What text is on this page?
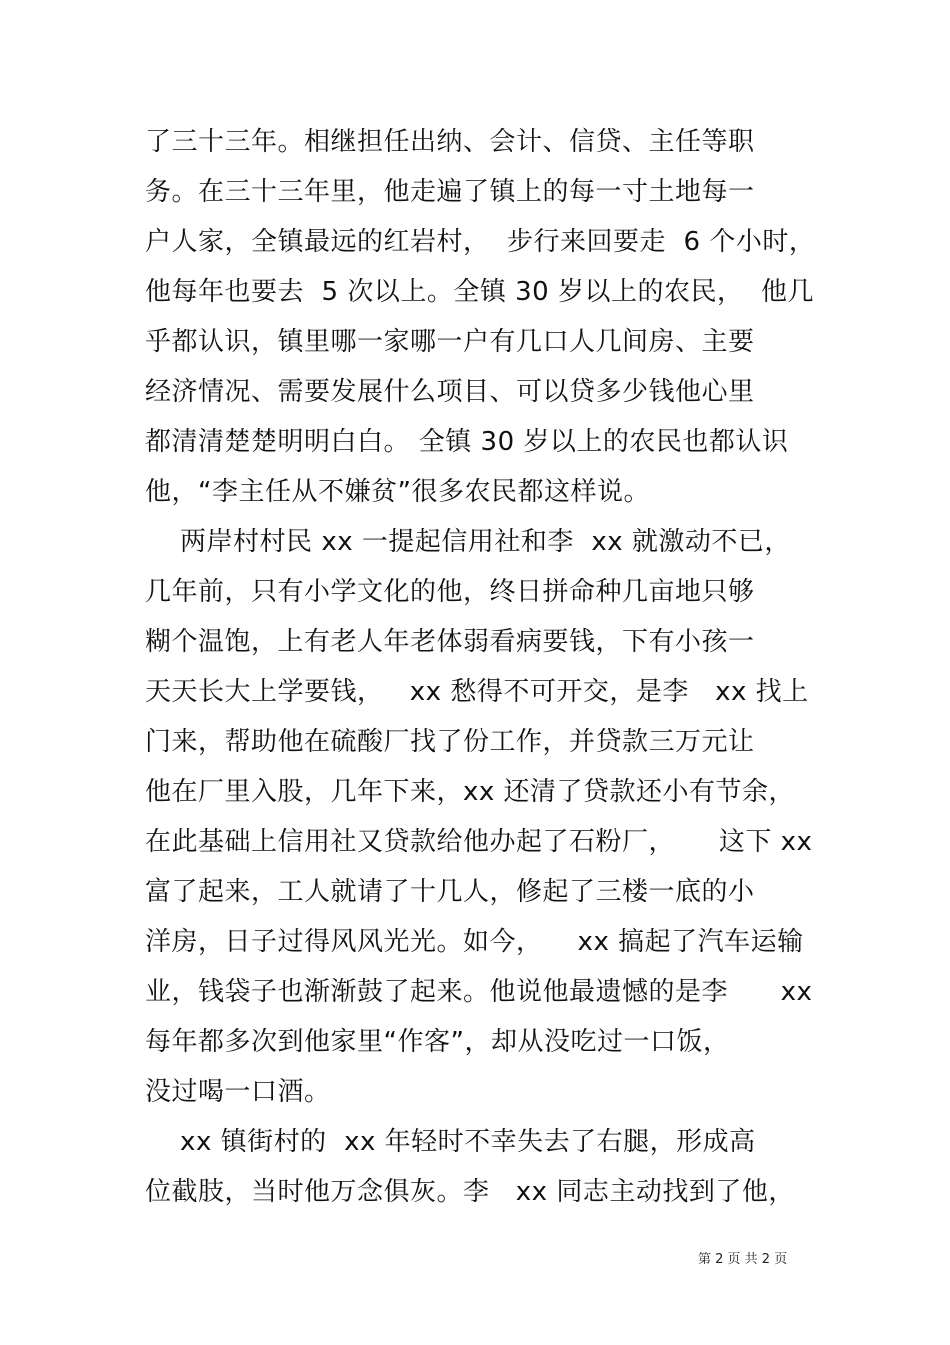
了三十三年。相继担任出纳、会计、信贷、主任等职
务。在三十三年里，他走遍了镇上的每一寸土地每一
户人家，全镇最远的红岩村，  步行来回要走  6 个小时，
他每年也要去  5 次以上。全镇 30 岁以上的农民，  他几
乎都认识，镇里哪一家哪一户有几口人几间房、主要
经济情况、需要发展什么项目、可以贷多少钱他心里
都清清楚楚明明白白。 全镇 30 岁以上的农民也都认识
他，“李主任从不嫌贫”很多农民都这样说。
两岸村村民 xx 一提起信用社和李  xx 就激动不已，
几年前，只有小学文化的他，终日拼命种几亩地只够
糊个温饱，上有老人年老体弱看病要钱，下有小孩一
天天长大上学要钱，   xx 愁得不可开交，是李   xx 找上
门来，帮助他在硫酸厂找了份工作，并贷款三万元让
他在厂里入股，几年下来，xx 还清了贷款还小有节余，
在此基础上信用社又贷款给他办起了石粉厂，     这下 xx
富了起来，工人就请了十几人，修起了三楼一底的小
洋房，日子过得风风光光。如今，    xx 搞起了汽车运输
业，钱袋子也渐渐鼓了起来。他说他最遗憾的是李      xx
每年都多次到他家里“作客”，却从没吃过一口饭，
没过喝一口酒。
xx 镇街村的  xx 年轻时不幸失去了右腿，形成高
位截肢，当时他万念俱灰。李   xx 同志主动找到了他，
第 2 页 共 2 页
